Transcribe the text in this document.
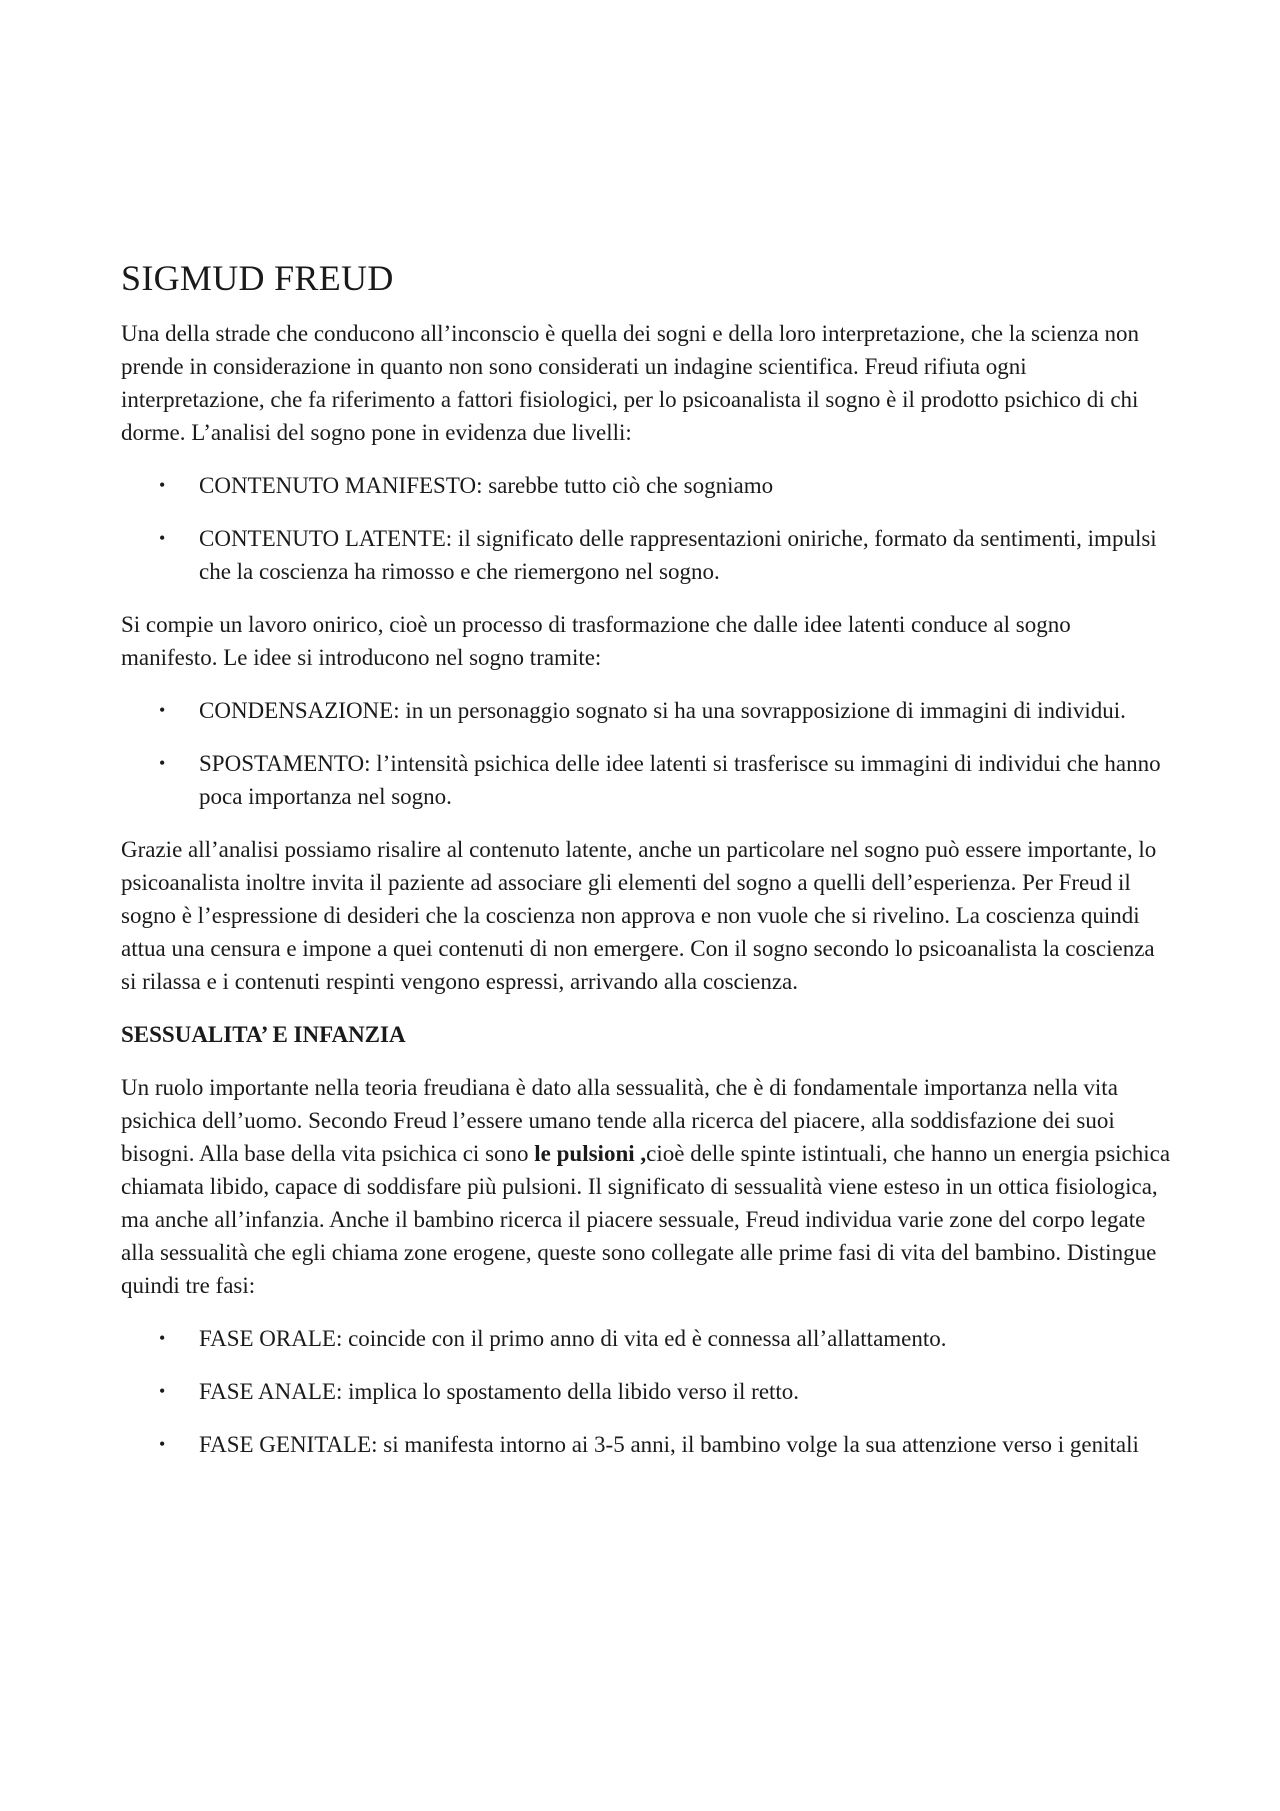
SIGMUD FREUD

Una della strade che conducono all’inconscio è quella dei sogni e della loro interpretazione, che la scienza non prende in considerazione in quanto non sono considerati un indagine scientifica. Freud rifiuta ogni interpretazione, che fa riferimento a fattori fisiologici, per lo psicoanalista il sogno è il prodotto psichico di chi dorme. L’analisi del sogno pone in evidenza due livelli:

• CONTENUTO MANIFESTO: sarebbe tutto ciò che sogniamo
• CONTENUTO LATENTE: il significato delle rappresentazioni oniriche, formato da sentimenti, impulsi che la coscienza ha rimosso e che riemergono nel sogno.

Si compie un lavoro onirico, cioè un processo di trasformazione che dalle idee latenti conduce al sogno manifesto. Le idee si introducono nel sogno tramite:

• CONDENSAZIONE: in un personaggio sognato si ha una sovrapposizione di immagini di individui.
• SPOSTAMENTO: l’intensità psichica delle idee latenti si trasferisce su immagini di individui che hanno poca importanza nel sogno.

Grazie all’analisi possiamo risalire al contenuto latente, anche un particolare nel sogno può essere importante, lo psicoanalista inoltre invita il paziente ad associare gli elementi del sogno a quelli dell’esperienza. Per Freud il sogno è l’espressione di desideri che la coscienza non approva e non vuole che si rivelino. La coscienza quindi attua una censura e impone a quei contenuti di non emergere. Con il sogno secondo lo psicoanalista la coscienza si rilassa e i contenuti respinti vengono espressi, arrivando alla coscienza.

SESSUALITA’ E INFANZIA

Un ruolo importante nella teoria freudiana è dato alla sessualità, che è di fondamentale importanza nella vita psichica dell’uomo. Secondo Freud l’essere umano tende alla ricerca del piacere, alla soddisfazione dei suoi bisogni. Alla base della vita psichica ci sono le pulsioni ,cioè delle spinte istintuali, che hanno un energia psichica chiamata libido, capace di soddisfare più pulsioni. Il significato di sessualità viene esteso in un ottica fisiologica, ma anche all’infanzia. Anche il bambino ricerca il piacere sessuale, Freud individua varie zone del corpo legate alla sessualità che egli chiama zone erogene, queste sono collegate alle prime fasi di vita del bambino. Distingue quindi tre fasi:

• FASE ORALE: coincide con il primo anno di vita ed è connessa all’allattamento.
• FASE ANALE: implica lo spostamento della libido verso il retto.
• FASE GENITALE: si manifesta intorno ai 3-5 anni, il bambino volge la sua attenzione verso i genitali
